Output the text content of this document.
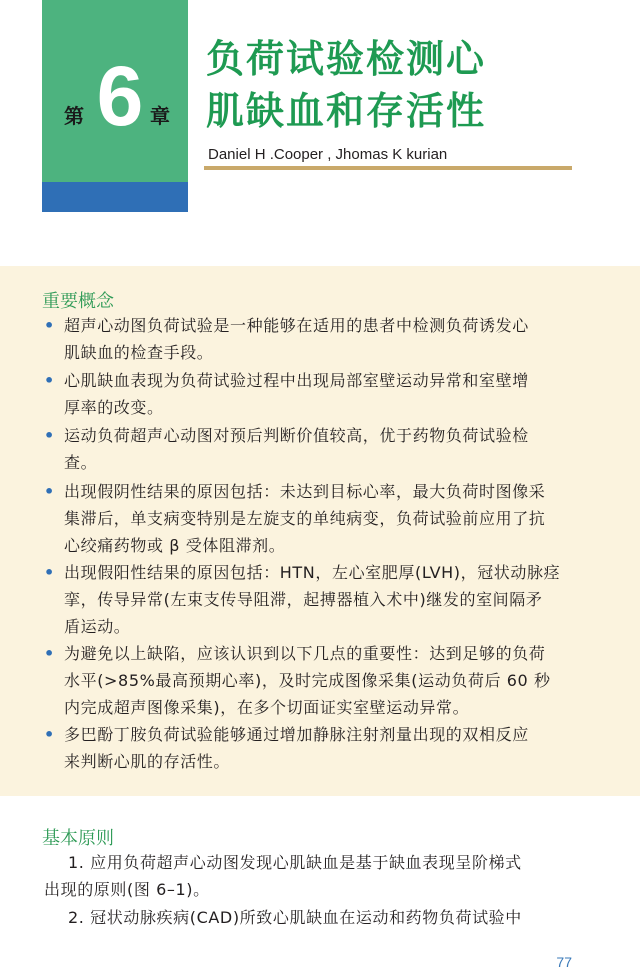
第 6 章
负荷试验检测心
肌缺血和存活性
Daniel H .Cooper , Jhomas K kurian
重要概念
• 超声心动图负荷试验是一种能够在适用的患者中检测负荷诱发心
肌缺血的检查手段。
• 心肌缺血表现为负荷试验过程中出现局部室壁运动异常和室壁增
厚率的改变。
• 运动负荷超声心动图对预后判断价值较高，优于药物负荷试验检
查。
• 出现假阴性结果的原因包括：未达到目标心率，最大负荷时图像采
集滞后，单支病变特别是左旋支的单纯病变，负荷试验前应用了抗
心绞痛药物或 β 受体阻滞剂。
• 出现假阳性结果的原因包括：HTN，左心室肥厚(LVH)，冠状动脉痉
挛，传导异常(左束支传导阻滞，起搏器植入术中)继发的室间隔矛
盾运动。
• 为避免以上缺陷，应该认识到以下几点的重要性：达到足够的负荷
水平(>85%最高预期心率)，及时完成图像采集(运动负荷后 60 秒
内完成超声图像采集)，在多个切面证实室壁运动异常。
• 多巴酚丁胺负荷试验能够通过增加静脉注射剂量出现的双相反应
来判断心肌的存活性。
基本原则
1. 应用负荷超声心动图发现心肌缺血是基于缺血表现呈阶梯式
出现的原则(图 6–1)。
2. 冠状动脉疾病(CAD)所致心肌缺血在运动和药物负荷试验中
77
